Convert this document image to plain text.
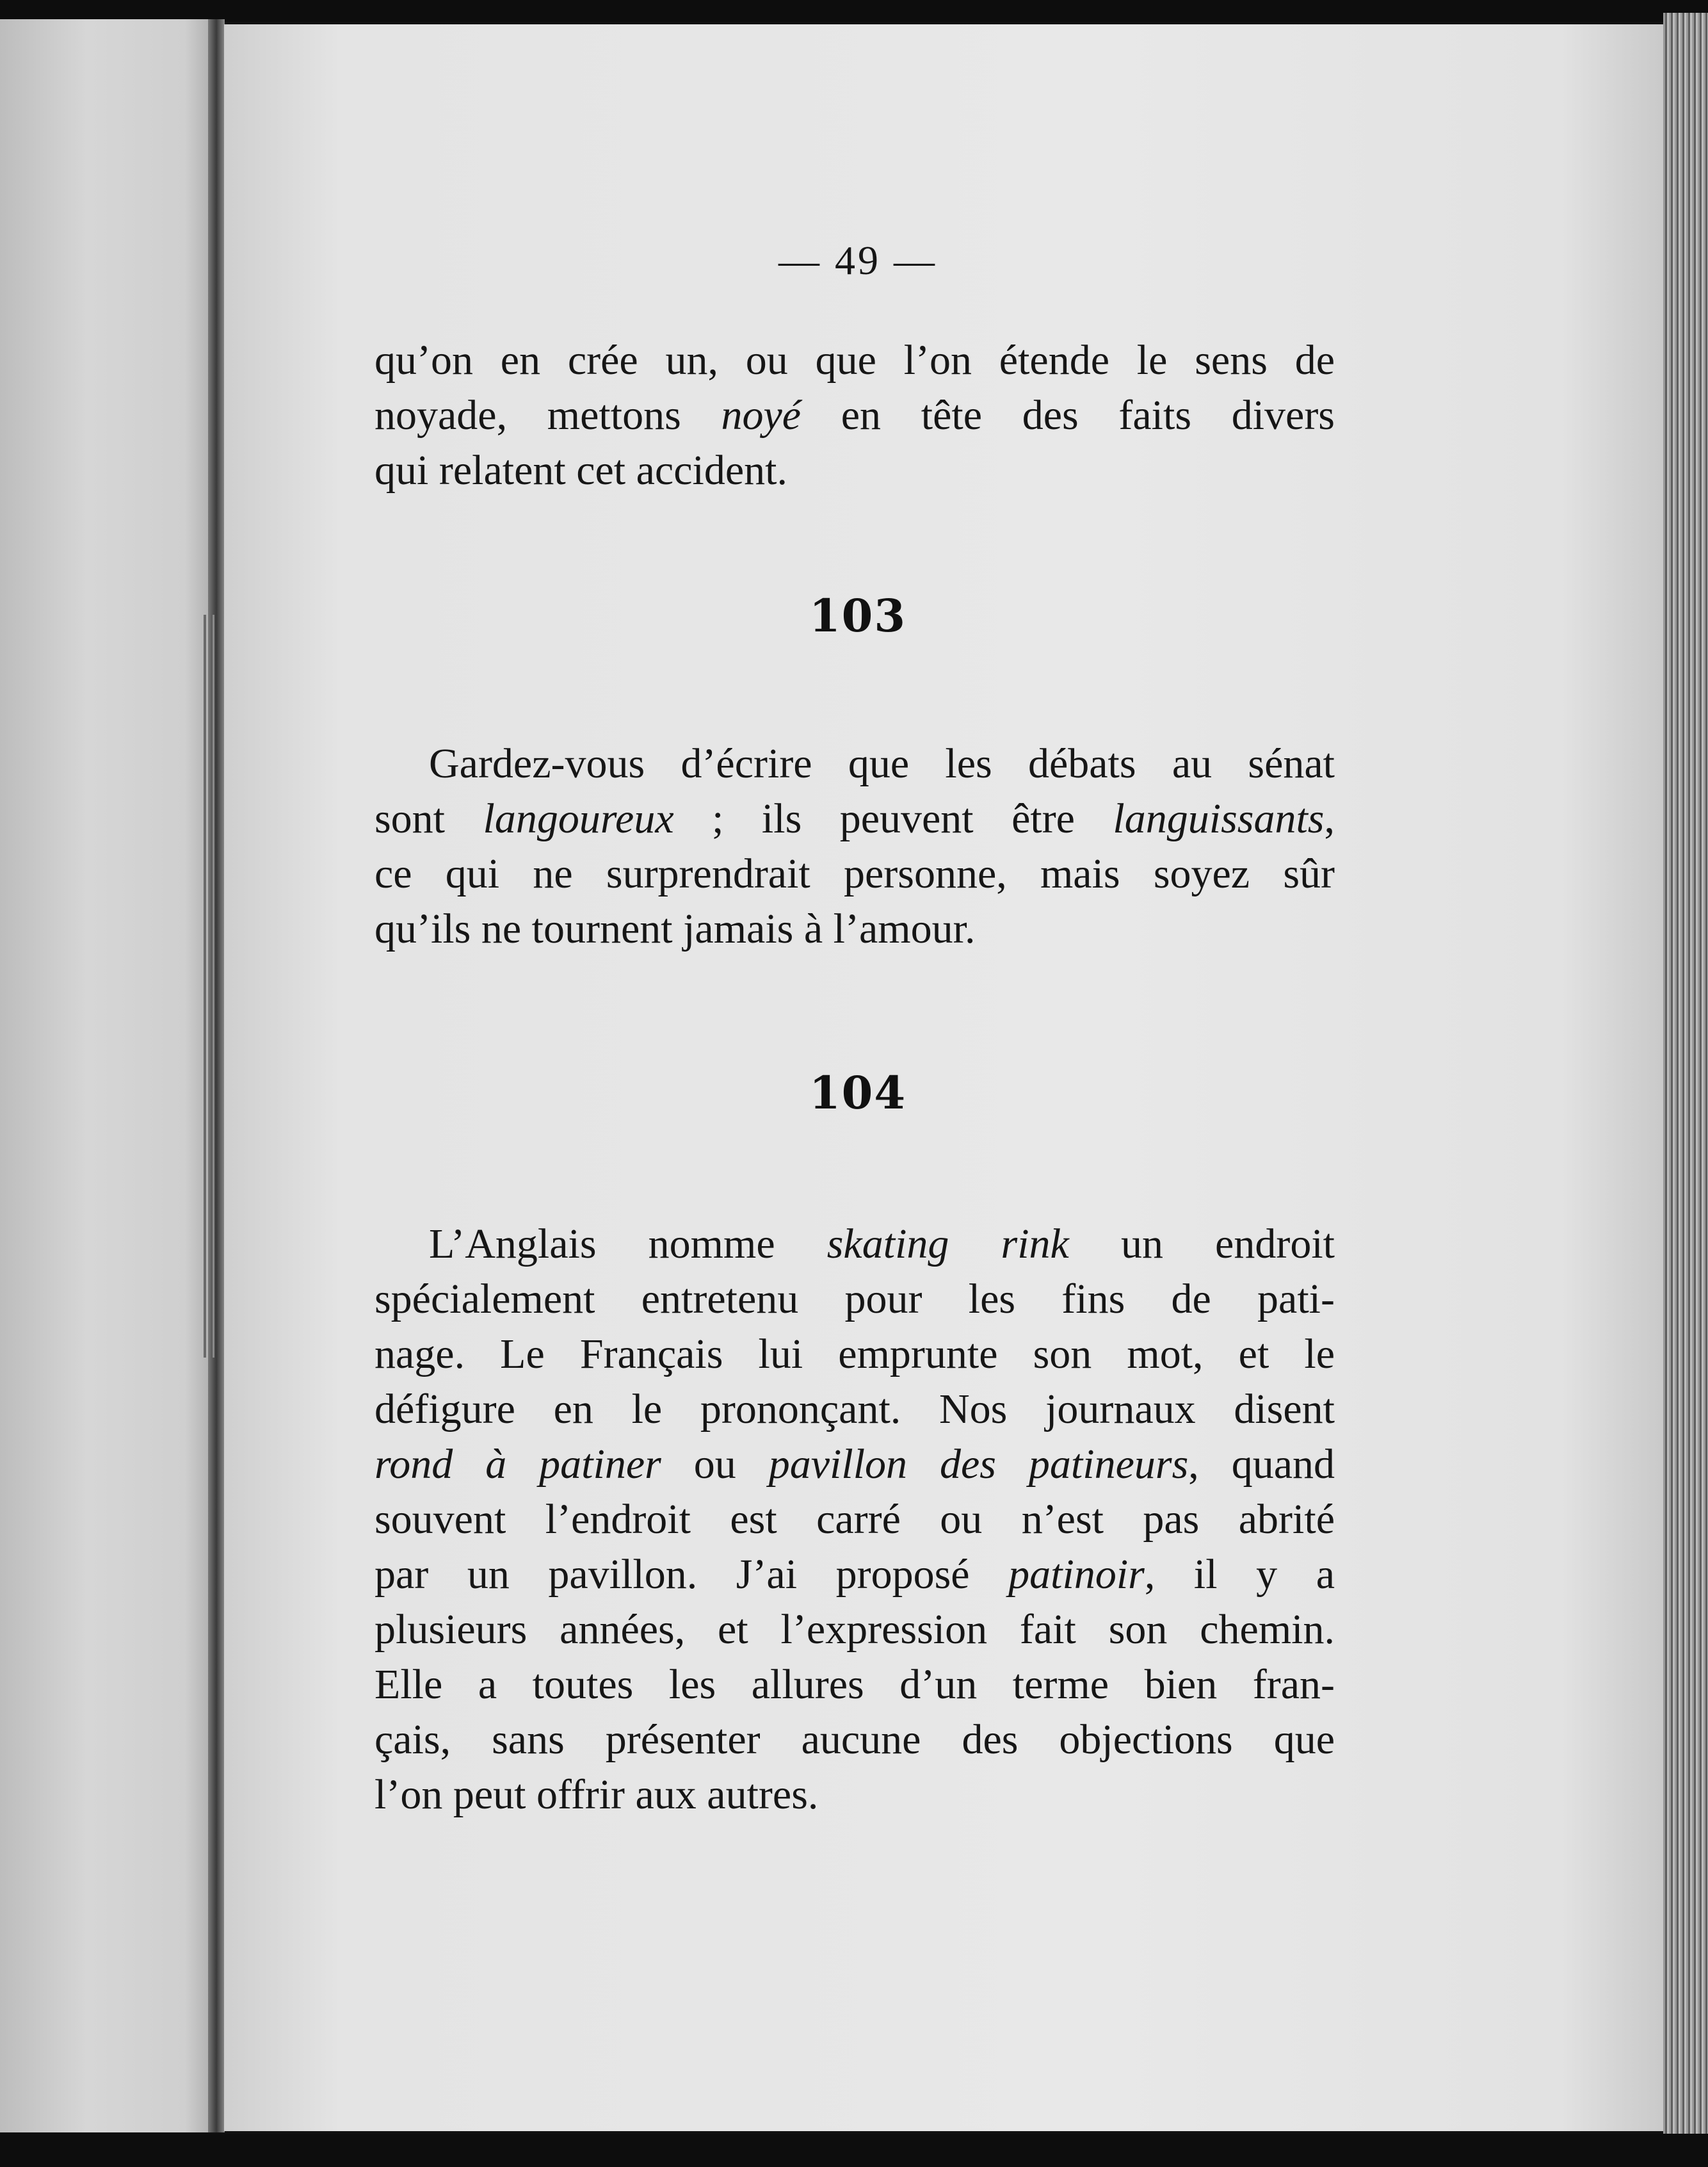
— 49 —
qu’on en crée un, ou que l’on étende le sens de
noyade, mettons noyé en tête des faits divers
qui relatent cet accident.
103
Gardez-vous d’écrire que les débats au sénat
sont langoureux ; ils peuvent être languissants,
ce qui ne surprendrait personne, mais soyez sûr
qu’ils ne tournent jamais à l’amour.
104
L’Anglais nomme skating rink un endroit
spécialement entretenu pour les fins de pati-
nage. Le Français lui emprunte son mot, et le
défigure en le prononçant. Nos journaux disent
rond à patiner ou pavillon des patineurs, quand
souvent l’endroit est carré ou n’est pas abrité
par un pavillon. J’ai proposé patinoir, il y a
plusieurs années, et l’expression fait son chemin.
Elle a toutes les allures d’un terme bien fran-
çais, sans présenter aucune des objections que
l’on peut offrir aux autres.
